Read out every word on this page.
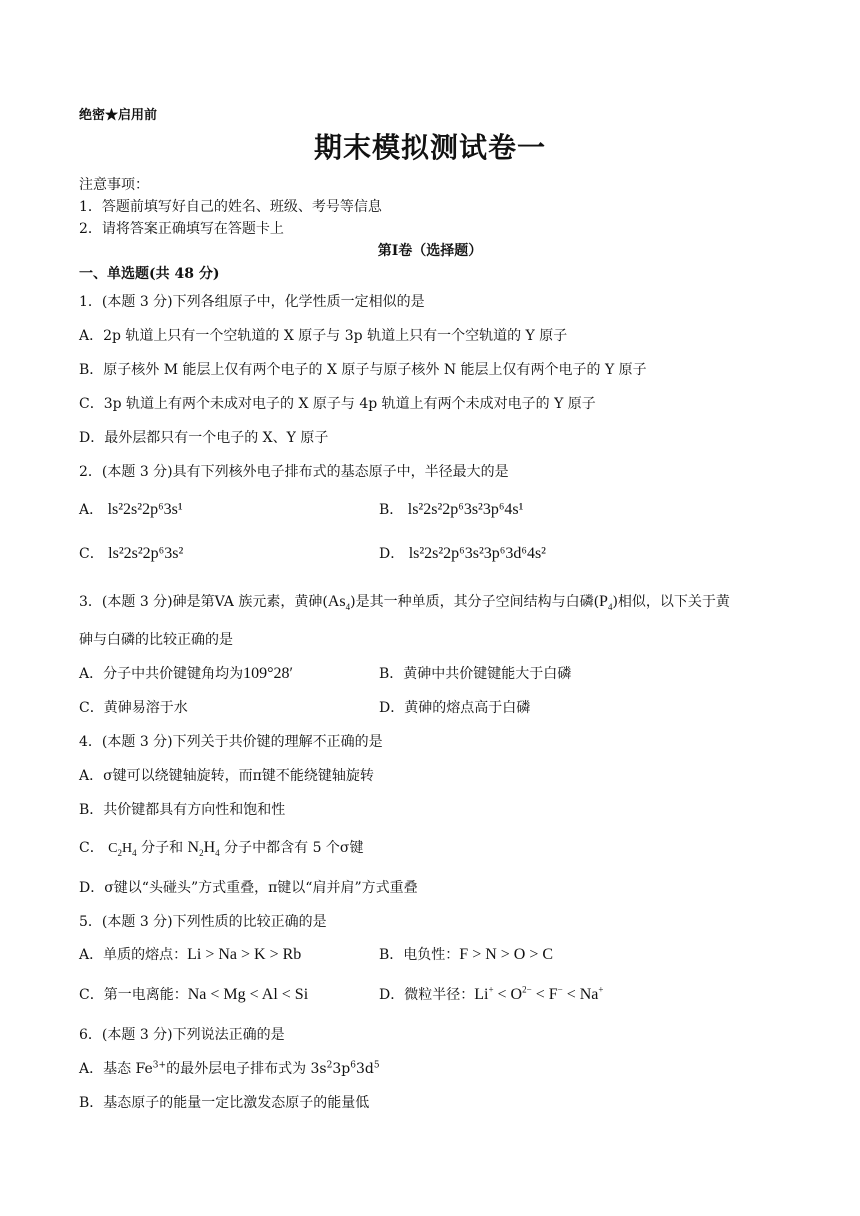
绝密★启用前
期末模拟测试卷一
注意事项：
1．答题前填写好自己的姓名、班级、考号等信息
2．请将答案正确填写在答题卡上
第I卷（选择题）
一、单选题(共 48 分)
1．(本题 3 分)下列各组原子中，化学性质一定相似的是
A．2p 轨道上只有一个空轨道的 X 原子与 3p 轨道上只有一个空轨道的 Y 原子
B．原子核外 M 能层上仅有两个电子的 X 原子与原子核外 N 能层上仅有两个电子的 Y 原子
C．3p 轨道上有两个未成对电子的 X 原子与 4p 轨道上有两个未成对电子的 Y 原子
D．最外层都只有一个电子的 X、Y 原子
2．(本题 3 分)具有下列核外电子排布式的基态原子中，半径最大的是
A． ls²2s²2p⁶3s¹	B． ls²2s²2p⁶3s²3p⁶4s¹
C． ls²2s²2p⁶3s²	D． ls²2s²2p⁶3s²3p⁶3d⁶4s²
3．(本题 3 分)砷是第VA 族元素，黄砷$(As_4)$是其一种单质，其分子空间结构与白磷$(P_4)$相似，以下关于黄
砷与白磷的比较正确的是
A．分子中共价键键角均为109°28′	B．黄砷中共价键键能大于白磷
C．黄砷易溶于水	D．黄砷的熔点高于白磷
4．(本题 3 分)下列关于共价键的理解不正确的是
A．σ键可以绕键轴旋转，而π键不能绕键轴旋转
B．共价键都具有方向性和饱和性
C． $C_2H_4$ 分子和 $N_2H_4$ 分子中都含有 5 个σ键
D．σ键以“头碰头”方式重叠，π键以“肩并肩”方式重叠
5．(本题 3 分)下列性质的比较正确的是
A．单质的熔点：Li > Na > K > Rb	B．电负性：F > N > O > C
C．第一电离能：Na < Mg < Al < Si	D．微粒半径：$Li^+ < O^{2-} < F^- < Na^+$
6．(本题 3 分)下列说法正确的是
A．基态 $Fe^{3+}$的最外层电子排布式为 $3s^23p^63d^5$
B．基态原子的能量一定比激发态原子的能量低
